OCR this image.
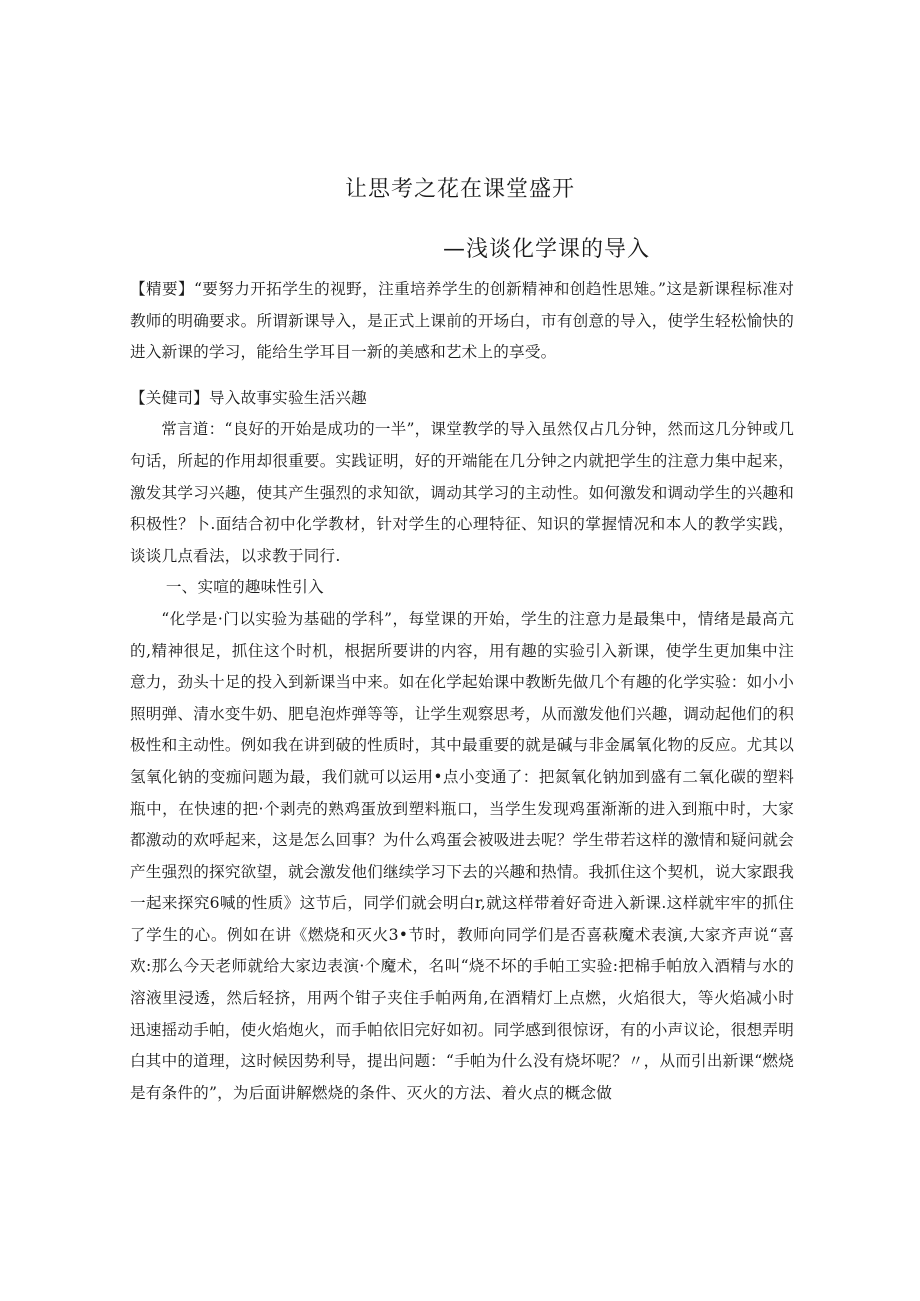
让思考之花在课堂盛开
—浅谈化学课的导入

【精要】“要努力开拓学生的视野，注重培养学生的创新精神和创趋性思雉。”这是新课程标准对教师的明确要求。所谓新课导入，是正式上课前的开场白，市有创意的导入，使学生轻松愉快的进入新课的学习，能给生学耳目一新的美感和艺术上的享受。

【关健司】导入故事实验生活兴趣

常言道：“良好的开始是成功的一半”，课堂教学的导入虽然仅占几分钟，然而这几分钟或几句话，所起的作用却很重要。实践证明，好的开端能在几分钟之内就把学生的注意力集中起来，激发其学习兴趣，使其产生强烈的求知欲，调动其学习的主动性。如何激发和调动学生的兴趣和积极性？卜.面结合初中化学教材，针对学生的心理特征、知识的掌握情况和本人的教学实践，谈谈几点看法，以求教于同行.

一、实喧的趣味性引入

“化学是·门以实验为基础的学科”，每堂课的开始，学生的注意力是最集中，情绪是最高亢的,精神很足，抓住这个时机，根据所要讲的内容，用有趣的实验引入新课，使学生更加集中注意力，劲头十足的投入到新课当中来。如在化学起始课中教断先做几个有趣的化学实验：如小小照明弹、清水变牛奶、肥皂泡炸弹等等，让学生观察思考，从而激发他们兴趣，调动起他们的积极性和主动性。例如我在讲到破的性质时，其中最重要的就是碱与非金属氧化物的反应。尤其以氢氧化钠的变痂问题为最，我们就可以运用•点小变通了：把氮氧化钠加到盛有二氧化碳的塑料瓶中，在快速的把·个剥壳的熟鸡蛋放到塑料瓶口，当学生发现鸡蛋渐渐的进入到瓶中时，大家都激动的欢呼起来，这是怎么回事？为什么鸡蛋会被吸进去呢？学生带若这样的激情和疑问就会产生强烈的探究欲望，就会激发他们继续学习下去的兴趣和热情。我抓住这个契机，说大家跟我一起来探究6喊的性质》这节后，同学们就会明白r,就这样带着好奇进入新课.这样就牢牢的抓住了学生的心。例如在讲《燃烧和灭火3•节时，教师向同学们是否喜萩魔术表演,大家齐声说“喜欢:那么今天老师就给大家边表演·个魔术，名叫“烧不坏的手帕工实验:把棉手帕放入酒精与水的溶液里浸透，然后轻挤，用两个钳子夹住手帕两角,在酒精灯上点燃，火焰很大，等火焰减小时迅速摇动手帕，使火焰炮火，而手帕依旧完好如初。同学感到很惊讶，有的小声议论，很想弄明白其中的道理，这时候因势利导，提出问题：“手帕为什么没有烧坏呢？〃，从而引出新课“燃烧是有条件的”，为后面讲解燃烧的条件、灭火的方法、着火点的概念做
